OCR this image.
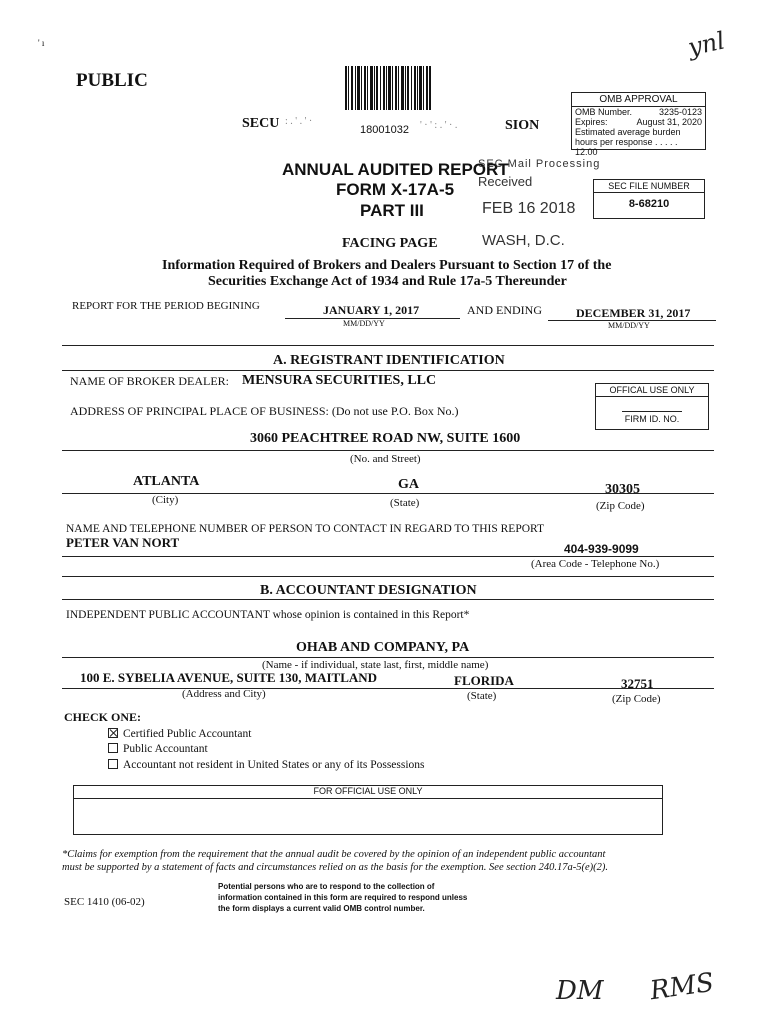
' ı	ynl
PUBLIC
SECU : . ' . ' ·
18001032 ' · ' : . ' · .	SION
OMB APPROVAL
OMB Number.	3235-0123
Expires:	August 31, 2020
Estimated average burden
hours per response . . . . . 12.00
ANNUAL AUDITED REPORT
FORM X-17A-5
PART III
SEC Mail Processing
Received
FEB 16 2018
WASH, D.C.
SEC FILE NUMBER
8-68210
FACING PAGE
Information Required of Brokers and Dealers Pursuant to Section 17 of the
Securities Exchange Act of 1934 and Rule 17a-5 Thereunder
REPORT FOR THE PERIOD BEGINING	JANUARY 1, 2017
MM/DD/YY
AND ENDING	DECEMBER 31, 2017
MM/DD/YY
A. REGISTRANT IDENTIFICATION
NAME OF BROKER DEALER: MENSURA SECURITIES, LLC
OFFICAL USE ONLY
FIRM ID. NO.
ADDRESS OF PRINCIPAL PLACE OF BUSINESS: (Do not use P.O. Box No.)
3060 PEACHTREE ROAD NW, SUITE 1600
(No. and Street)
ATLANTA	GA	30305
(City)	(State)	(Zip Code)
NAME AND TELEPHONE NUMBER OF PERSON TO CONTACT IN REGARD TO THIS REPORT
PETER VAN NORT	404-939-9099
(Area Code - Telephone No.)
B. ACCOUNTANT DESIGNATION
INDEPENDENT PUBLIC ACCOUNTANT whose opinion is contained in this Report*
OHAB AND COMPANY, PA
(Name - if individual, state last, first, middle name)
100 E. SYBELIA AVENUE, SUITE 130, MAITLAND	FLORIDA	32751
(Address and City)	(State)	(Zip Code)
CHECK ONE:
Certified Public Accountant
Public Accountant
Accountant not resident in United States or any of its Possessions
FOR OFFICIAL USE ONLY
*Claims for exemption from the requirement that the annual audit be covered by the opinion of an independent public accountant
must be supported by a statement of facts and circumstances relied on as the basis for the exemption. See section 240.17a-5(e)(2).
SEC 1410 (06-02)
Potential persons who are to respond to the collection of
information contained in this form are required to respond unless
the form displays a current valid OMB control number.
DM RMS
